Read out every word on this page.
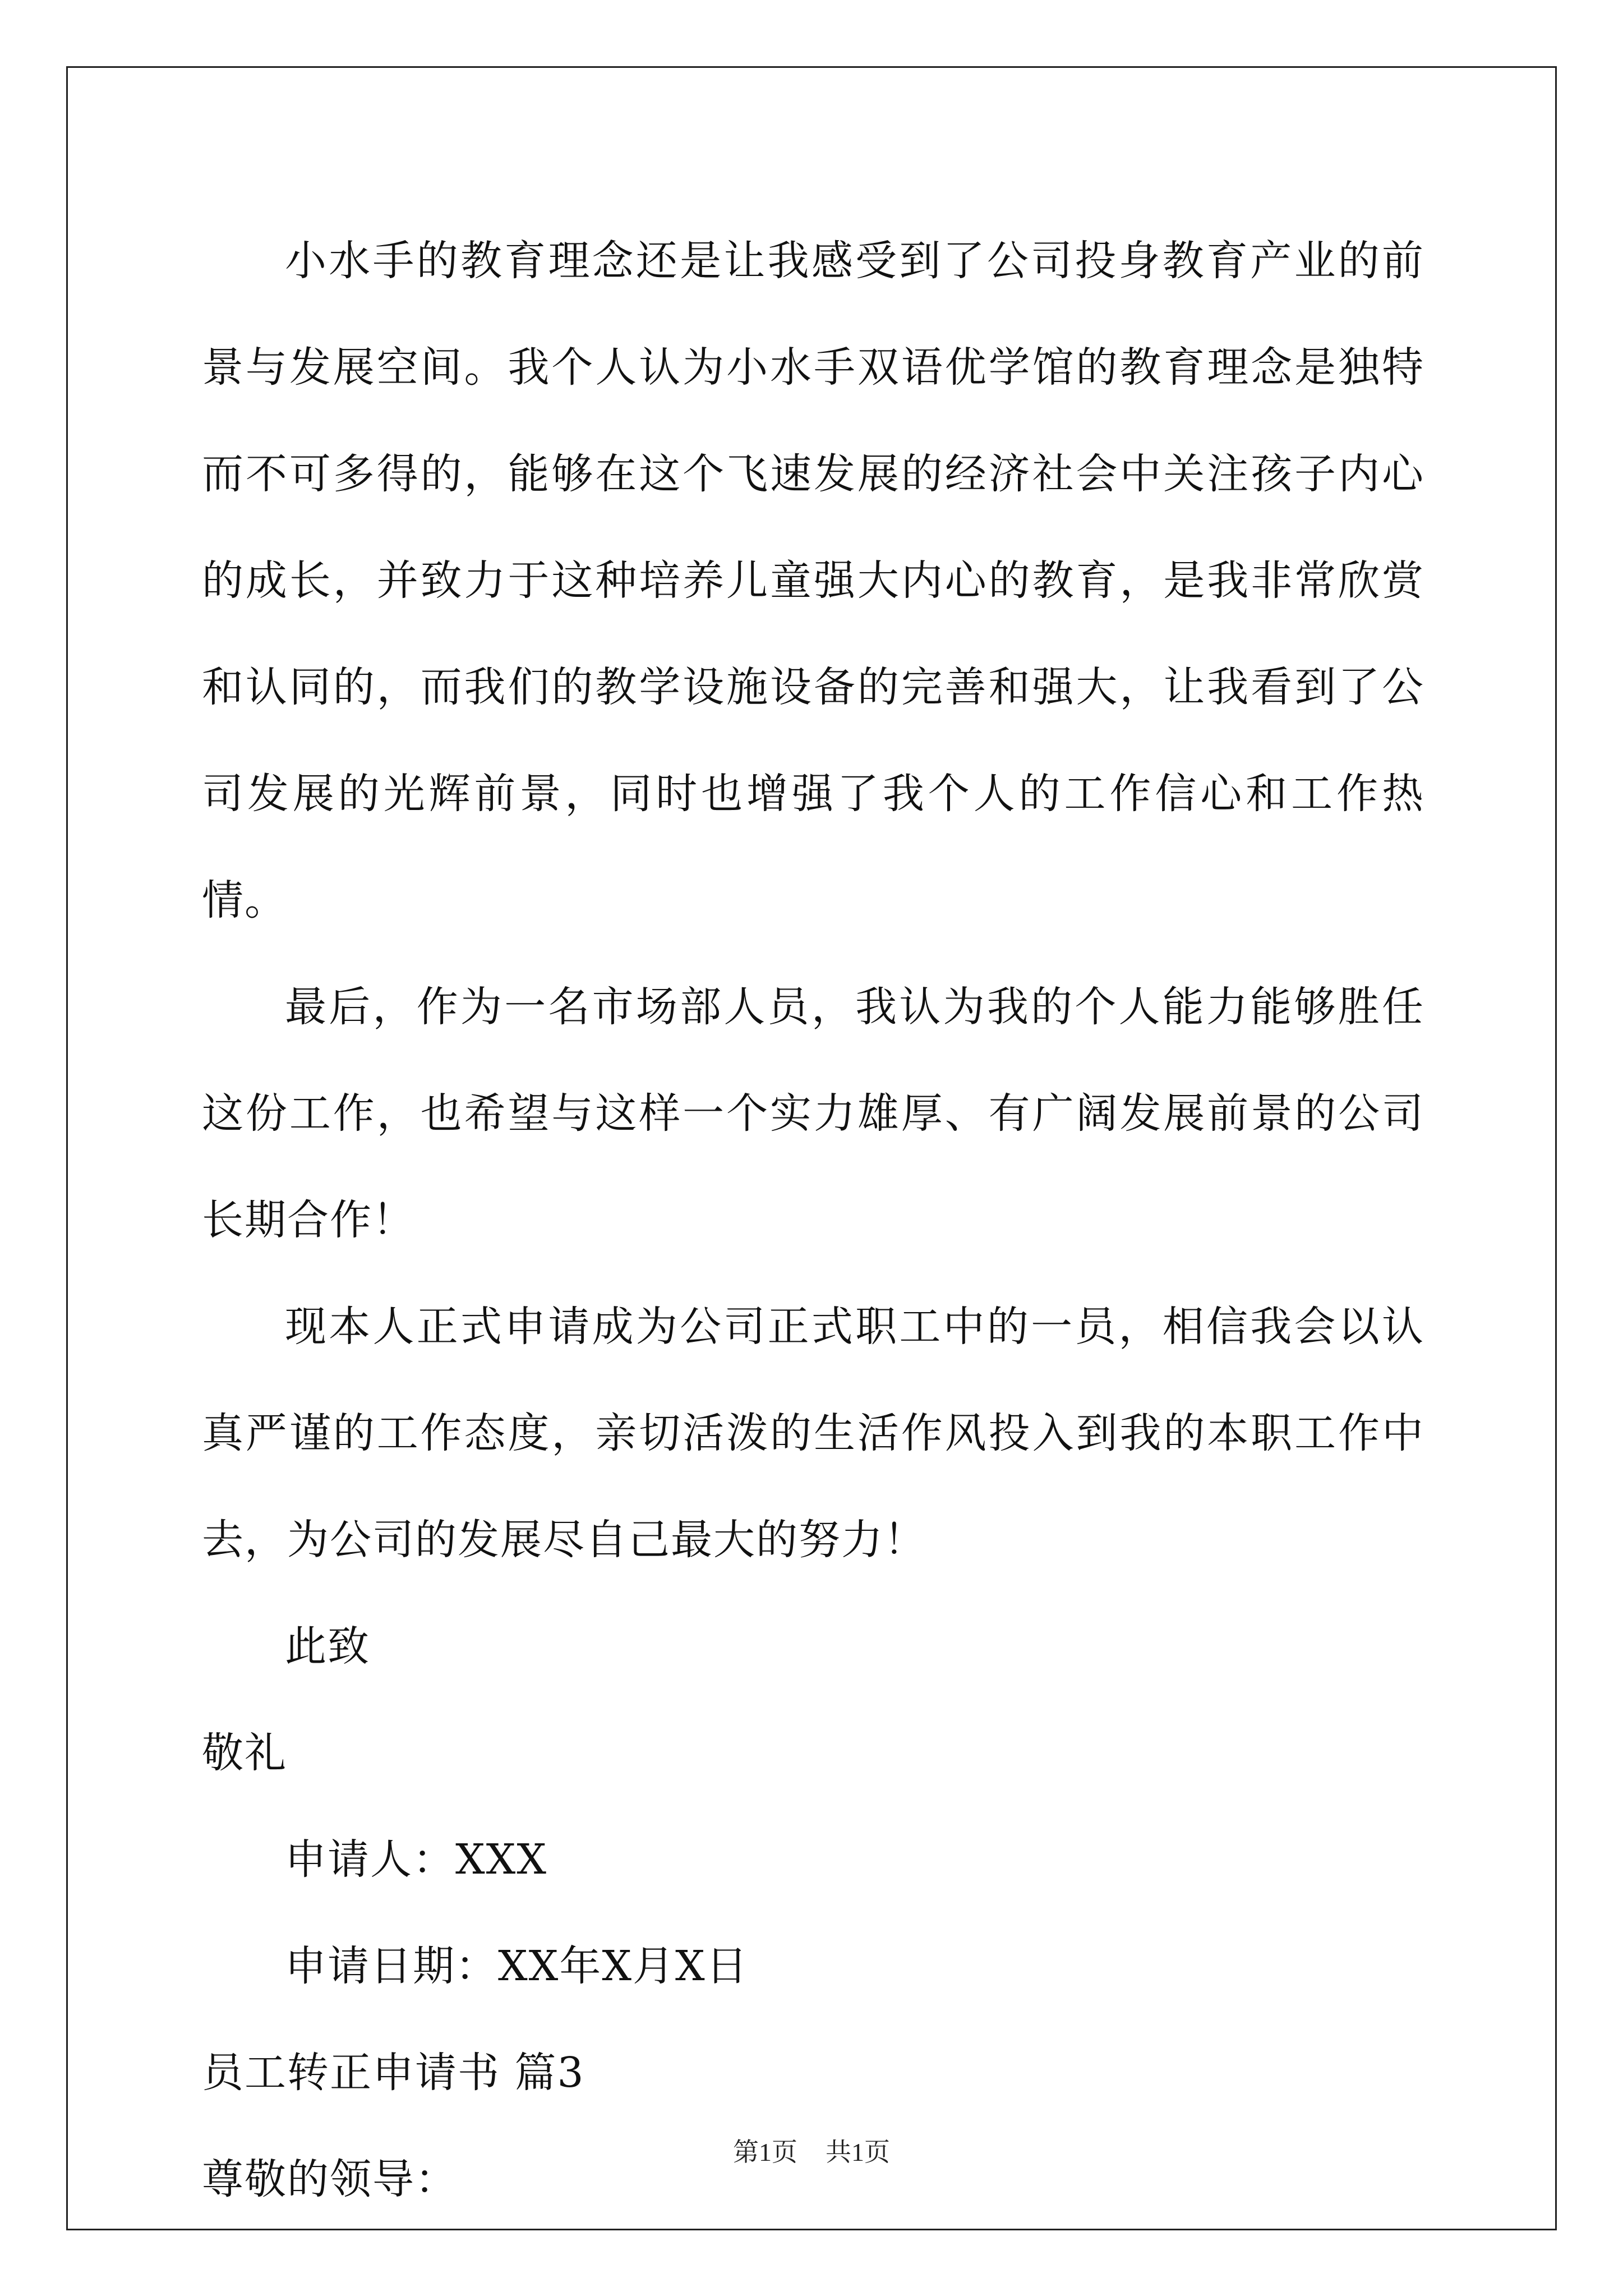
小水手的教育理念还是让我感受到了公司投身教育产业的前景与发展空间。我个人认为小水手双语优学馆的教育理念是独特而不可多得的，能够在这个飞速发展的经济社会中关注孩子内心的成长，并致力于这种培养儿童强大内心的教育，是我非常欣赏和认同的，而我们的教学设施设备的完善和强大，让我看到了公司发展的光辉前景，同时也增强了我个人的工作信心和工作热情。

最后，作为一名市场部人员，我认为我的个人能力能够胜任这份工作，也希望与这样一个实力雄厚、有广阔发展前景的公司长期合作！

现本人正式申请成为公司正式职工中的一员，相信我会以认真严谨的工作态度，亲切活泼的生活作风投入到我的本职工作中去，为公司的发展尽自己最大的努力！

此致

敬礼

申请人：XXX

申请日期：XX年X月X日

员工转正申请书 篇3

尊敬的领导：

第1页 共1页
